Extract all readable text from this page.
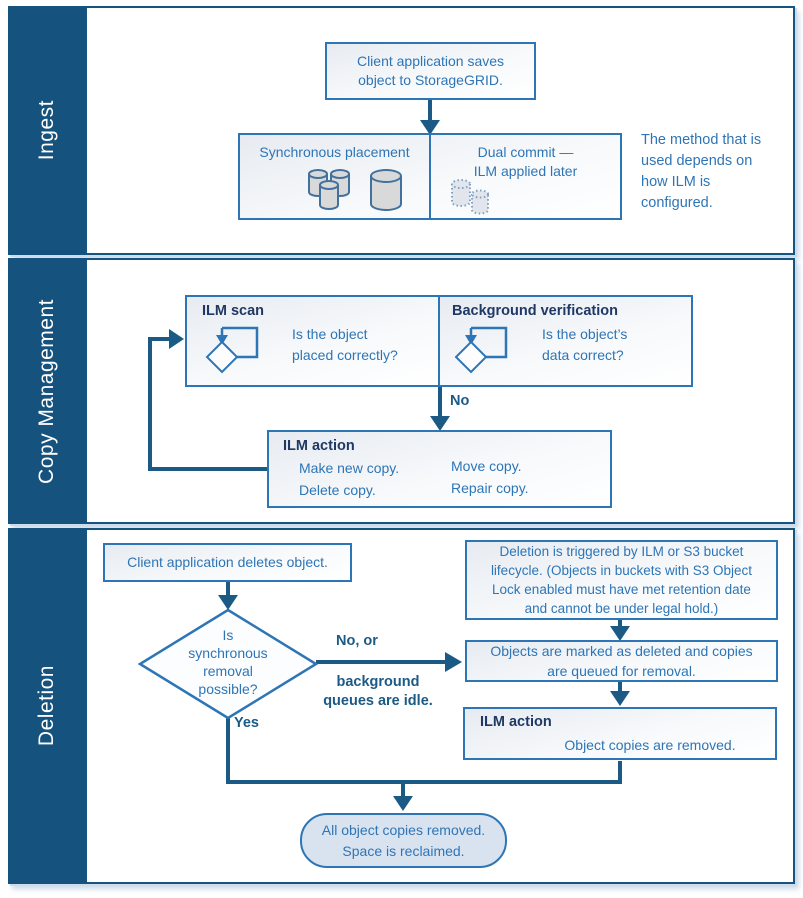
Ingest
Copy Management
Deletion
Client application saves
object to StorageGRID.
Synchronous placement	Dual commit —
ILM applied later
The method that is
used depends on
how ILM is
configured.
ILM scan
Is the object
placed correctly?
Background verification
Is the object’s
data correct?
No
ILM action
Make new copy.
Delete copy.
Move copy.
Repair copy.
Client application deletes object.
Is
synchronous
removal
possible?
No, or
background
queues are idle.
Yes
Deletion is triggered by ILM or S3 bucket
lifecycle. (Objects in buckets with S3 Object
Lock enabled must have met retention date
and cannot be under legal hold.)
Objects are marked as deleted and copies
are queued for removal.
ILM action
Object copies are removed.
All object copies removed.
Space is reclaimed.
